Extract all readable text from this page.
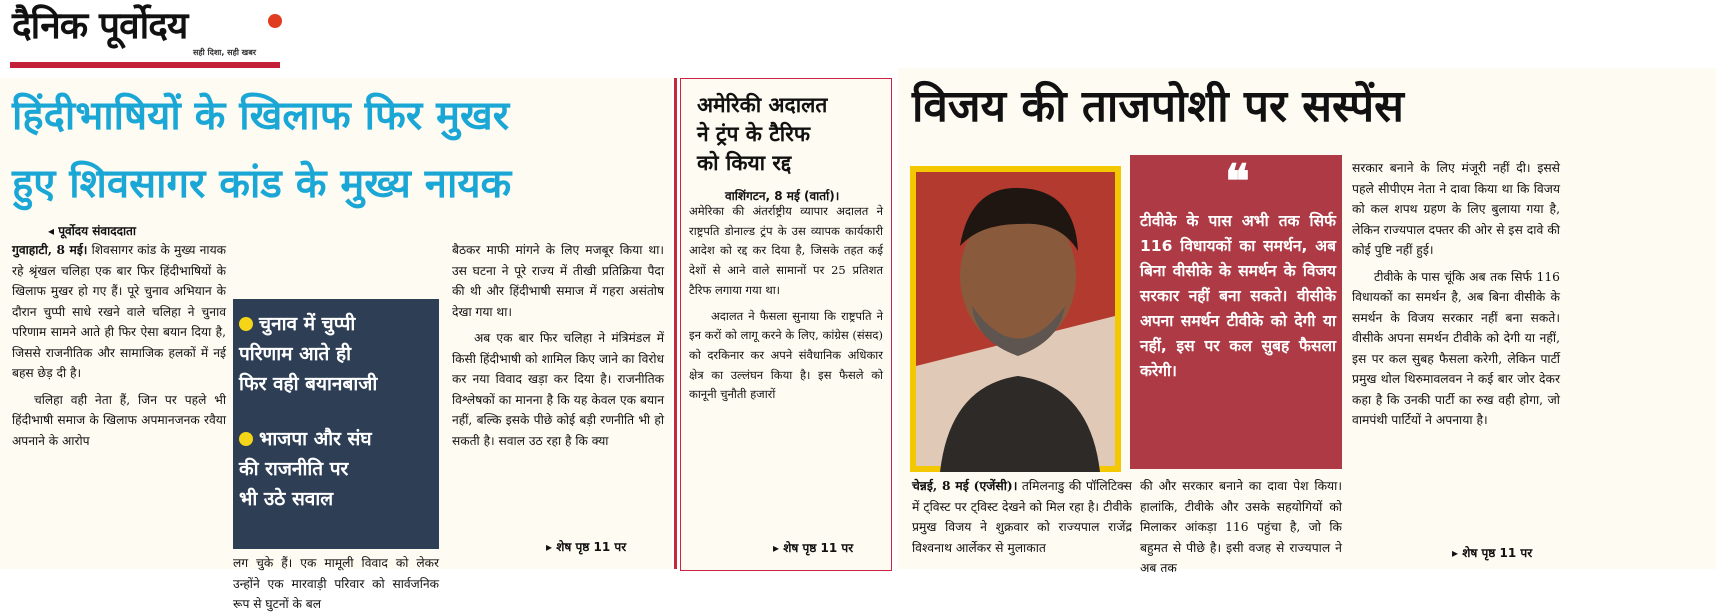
दैनिक पूर्वोदय
सही दिशा, सही खबर
हिंदीभाषियों के खिलाफ फिर मुखर
हुए शिवसागर कांड के मुख्य नायक
◂ पूर्वोदय संवाददाता

गुवाहाटी, 8 मई। शिवसागर कांड के मुख्य नायक रहे श्रृंखल चलिहा एक बार फिर हिंदीभाषियों के खिलाफ मुखर हो गए हैं। पूरे चुनाव अभियान के दौरान चुप्पी साधे रखने वाले चलिहा ने चुनाव परिणाम सामने आते ही फिर ऐसा बयान दिया है, जिससे राजनीतिक और सामाजिक हलकों में नई बहस छेड़ दी है।

चलिहा वही नेता हैं, जिन पर पहले भी हिंदीभाषी समाज के खिलाफ अपमानजनक रवैया अपनाने के आरोप

चुनाव में चुप्पी
परिणाम आते ही
फिर वही बयानबाजी
भाजपा और संघ
की राजनीति पर
भी उठे सवाल
लग चुके हैं। एक मामूली विवाद को लेकर उन्होंने एक मारवाड़ी परिवार को सार्वजनिक रूप से घुटनों के बल

बैठकर माफी मांगने के लिए मजबूर किया था। उस घटना ने पूरे राज्य में तीखी प्रतिक्रिया पैदा की थी और हिंदीभाषी समाज में गहरा असंतोष देखा गया था।

अब एक बार फिर चलिहा ने मंत्रिमंडल में किसी हिंदीभाषी को शामिल किए जाने का विरोध कर नया विवाद खड़ा कर दिया है। राजनीतिक विश्लेषकों का मानना है कि यह केवल एक बयान नहीं, बल्कि इसके पीछे कोई बड़ी रणनीति भी हो सकती है। सवाल उठ रहा है कि क्या

▸ शेष पृष्ठ 11 पर
अमेरिकी अदालत
ने ट्रंप के टैरिफ
को किया रद्द
वाशिंगटन, 8 मई (वार्ता)।

अमेरिका की अंतर्राष्ट्रीय व्यापार अदालत ने राष्ट्रपति डोनाल्ड ट्रंप के उस व्यापक कार्यकारी आदेश को रद्द कर दिया है, जिसके तहत कई देशों से आने वाले सामानों पर 25 प्रतिशत टैरिफ लगाया गया था।

अदालत ने फैसला सुनाया कि राष्ट्रपति ने इन करों को लागू करने के लिए, कांग्रेस (संसद) को दरकिनार कर अपने संवैधानिक अधिकार क्षेत्र का उल्लंघन किया है। इस फैसले को कानूनी चुनौती हजारों

▸ शेष पृष्ठ 11 पर
विजय की ताजपोशी पर सस्पेंस
❝
टीवीके के पास अभी तक सिर्फ 116 विधायकों का समर्थन, अब बिना वीसीके के समर्थन के विजय सरकार नहीं बना सकते। वीसीके अपना समर्थन टीवीके को देगी या नहीं, इस पर कल सुबह फैसला करेगी।
चेन्नई, 8 मई (एजेंसी)। तमिलनाडु की पॉलिटिक्स में ट्विस्ट पर ट्विस्ट देखने को मिल रहा है। टीवीके प्रमुख विजय ने शुक्रवार को राज्यपाल राजेंद्र विश्वनाथ आर्लेकर से मुलाकात
की और सरकार बनाने का दावा पेश किया। हालांकि, टीवीके और उसके सहयोगियों को मिलाकर आंकड़ा 116 पहुंचा है, जो कि बहुमत से पीछे है। इसी वजह से राज्यपाल ने अब तक

सरकार बनाने के लिए मंजूरी नहीं दी। इससे पहले सीपीएम नेता ने दावा किया था कि विजय को कल शपथ ग्रहण के लिए बुलाया गया है, लेकिन राज्यपाल दफ्तर की ओर से इस दावे की कोई पुष्टि नहीं हुई।

टीवीके के पास चूंकि अब तक सिर्फ 116 विधायकों का समर्थन है, अब बिना वीसीके के समर्थन के विजय सरकार नहीं बना सकते। वीसीके अपना समर्थन टीवीके को देगी या नहीं, इस पर कल सुबह फैसला करेगी, लेकिन पार्टी प्रमुख थोल थिरुमावलवन ने कई बार जोर देकर कहा है कि उनकी पार्टी का रुख वही होगा, जो वामपंथी पार्टियों ने अपनाया है।

▸ शेष पृष्ठ 11 पर
